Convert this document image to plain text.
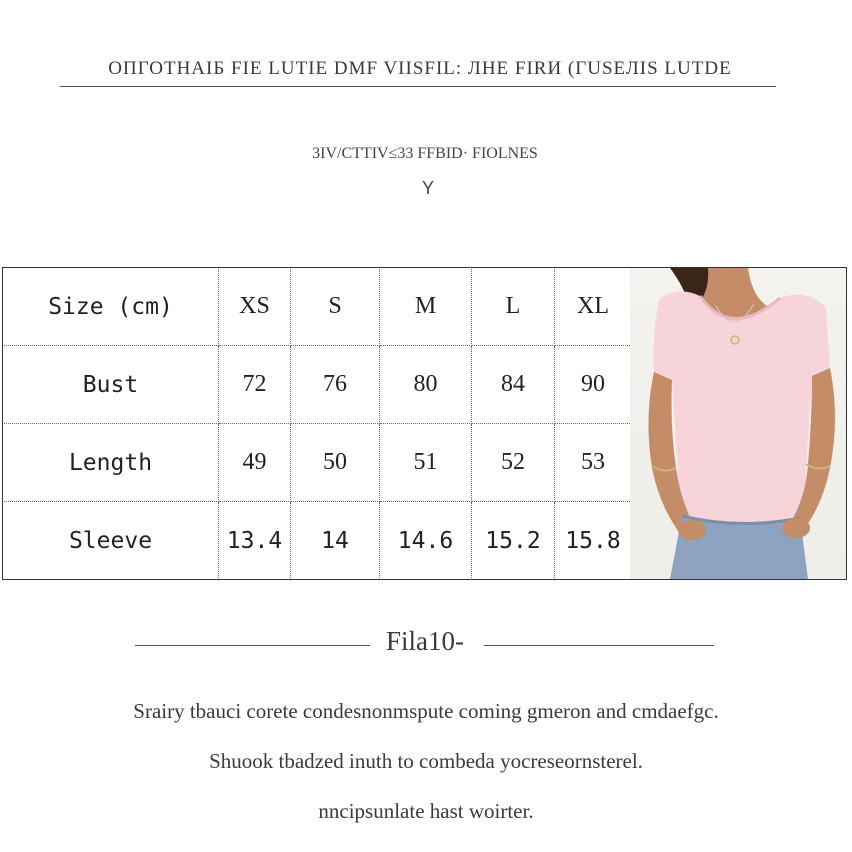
ОПГОТНАIБ FIE LUTIE DMF VIISFIL: ЛНЕ FIRИ (ГUSЕЛIS LUTDE
3IV/СТТIV≤33 FFBID· FIOLNES
Y
Size (cm)	XS	S	M	L	XL
Bust	72	76	80	84	90
Length	49	50	51	52	53
Sleeve	13.4	14	14.6	15.2	15.8
Fila10-
Srairy tbauci corete condesnonmspute coming gmeron and cmdaefgc.
Shuook tbadzed inuth to combeda yocreseornsterel.
nncipsunlate hast woirter.
